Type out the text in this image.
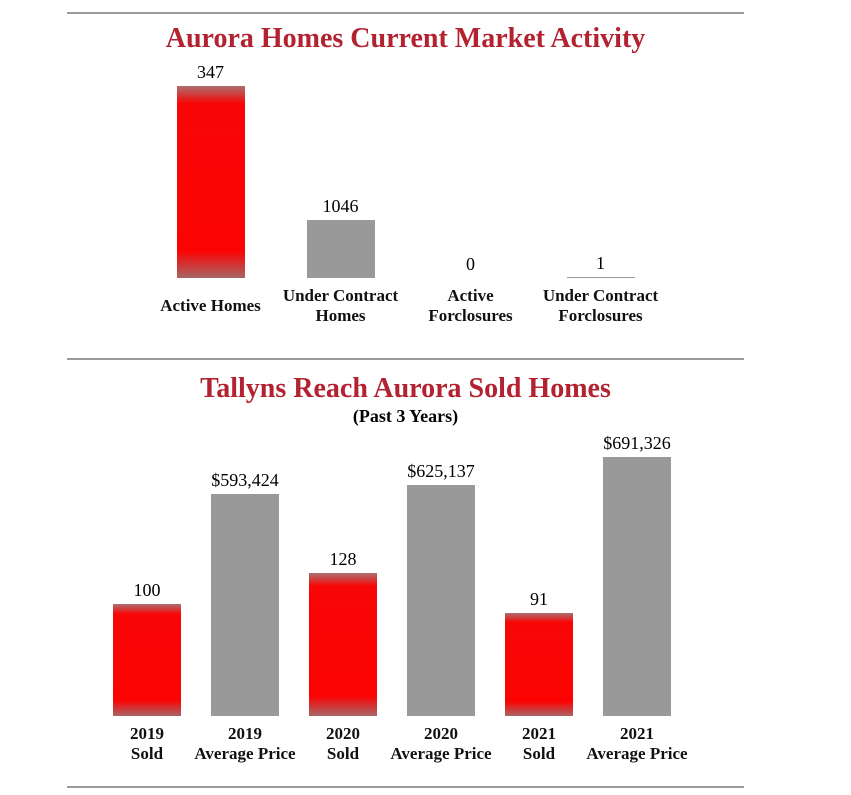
Aurora Homes Current Market Activity
347
Active Homes
1046
Under Contract
Homes
0
Active
Forclosures
1
Under Contract
Forclosures
Tallyns Reach Aurora Sold Homes
(Past 3 Years)
100
2019
Sold
$593,424
2019
Average Price
128
2020
Sold
$625,137
2020
Average Price
91
2021
Sold
$691,326
2021
Average Price
